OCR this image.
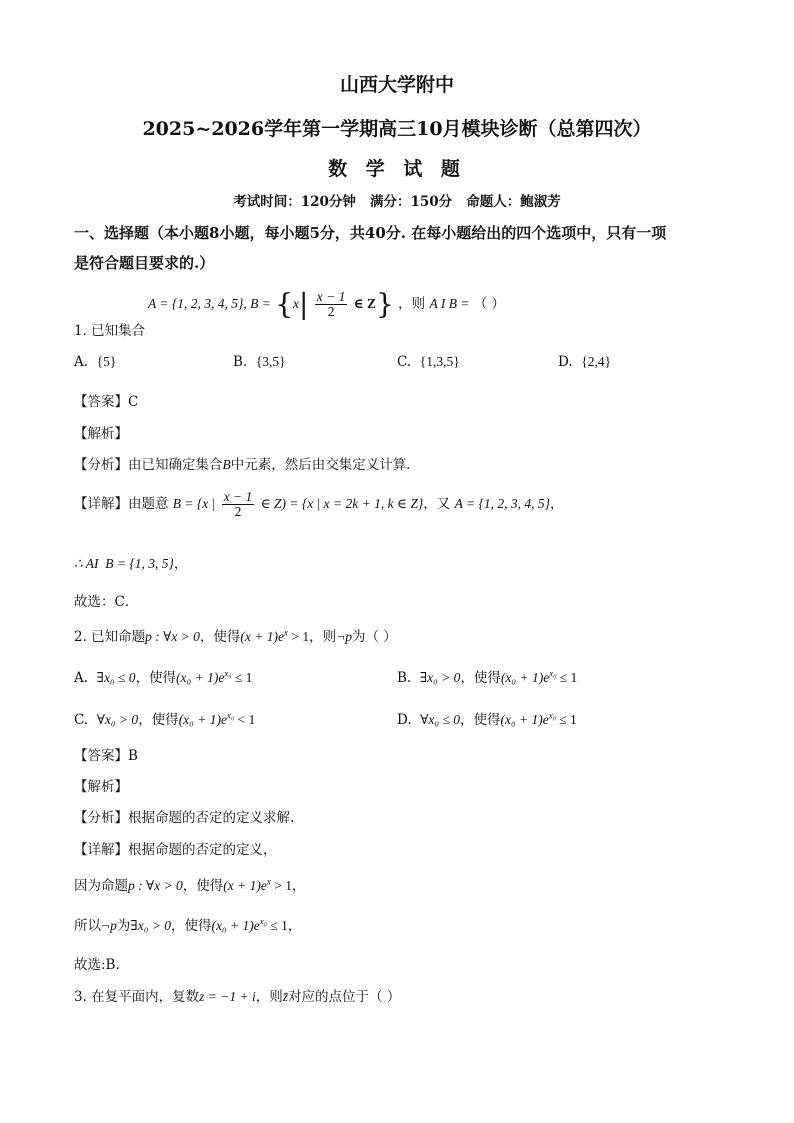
山西大学附中
2025~2026学年第一学期高三10月模块诊断（总第四次）
数 学 试 题
考试时间：120分钟   满分：150分   命题人：鲍淑芳
一、选择题（本小题8小题，每小题5分，共40分. 在每小题给出的四个选项中，只有一项
是符合题目要求的.）
A = {1, 2, 3, 4, 5}, $B = \{x| \frac{x - 1}{2}$ ∈ Z} ，则 A I B = （ ）
1. 已知集合
A. {5}	B. {3,5}	C. {1,3,5}	D. {2,4}
【答案】C
【解析】
【分析】由已知确定集合B中元素，然后由交集定义计算．
【详解】由题意 B = {x | $\frac{x - 1}{2}$ ∈ Z) = {x | x = 2k + 1, k ∈ Z}，又 A = {1, 2, 3, 4, 5}，
∴ AI  B = {1, 3, 5}，
故选：C．
2. 已知命题p : ∀x > 0，使得$(x + 1)e^x > 1$，则¬p为（ ）
A. ∃x₀ ≤ 0，使得$(x_0 + 1)e^{x_0} \le 1$	B. ∃x₀ > 0，使得$(x_0 + 1)e^{x_0} \le 1$
C. ∀x₀ > 0，使得$(x_0 + 1)e^{x_0} < 1$	D. ∀x₀ ≤ 0，使得$(x_0 + 1)e^{x_0} \le 1$
【答案】B
【解析】
【分析】根据命题的否定的定义求解.
【详解】根据命题的否定的定义，
因为命题p : ∀x > 0，使得$(x + 1)e^x > 1$，
所以¬p为∃x₀ > 0，使得$(x_0 + 1)e^{x_0} \le 1$，
故选:B.
3. 在复平面内，复数z = −1 + i，则z̄对应的点位于（ ）
